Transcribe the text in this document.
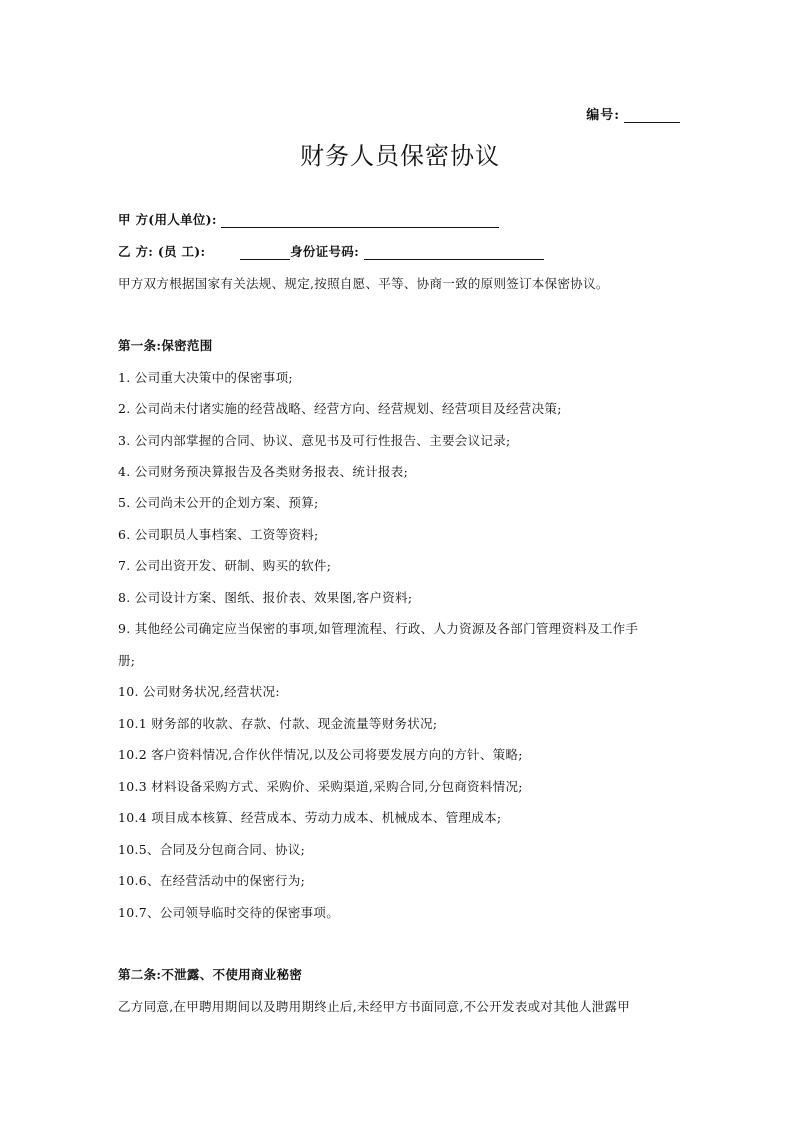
编号:
财务人员保密协议
甲 方(用人单位):
乙 方: (员 工):	身份证号码:
甲方双方根据国家有关法规、规定,按照自愿、平等、协商一致的原则签订本保密协议。
第一条:保密范围
1. 公司重大决策中的保密事项;
2. 公司尚未付诸实施的经营战略、经营方向、经营规划、经营项目及经营决策;
3. 公司内部掌握的合同、协议、意见书及可行性报告、主要会议记录;
4. 公司财务预决算报告及各类财务报表、统计报表;
5. 公司尚未公开的企划方案、预算;
6. 公司职员人事档案、工资等资料;
7. 公司出资开发、研制、购买的软件;
8. 公司设计方案、图纸、报价表、效果图,客户资料;
9. 其他经公司确定应当保密的事项,如管理流程、行政、人力资源及各部门管理资料及工作手
册;
10. 公司财务状况,经营状况:
10.1 财务部的收款、存款、付款、现金流量等财务状况;
10.2 客户资料情况,合作伙伴情况,以及公司将要发展方向的方针、策略;
10.3 材料设备采购方式、采购价、采购渠道,采购合同,分包商资料情况;
10.4 项目成本核算、经营成本、劳动力成本、机械成本、管理成本;
10.5、合同及分包商合同、协议;
10.6、在经营活动中的保密行为;
10.7、公司领导临时交待的保密事项。
第二条:不泄露、不使用商业秘密
乙方同意,在甲聘用期间以及聘用期终止后,未经甲方书面同意,不公开发表或对其他人泄露甲
